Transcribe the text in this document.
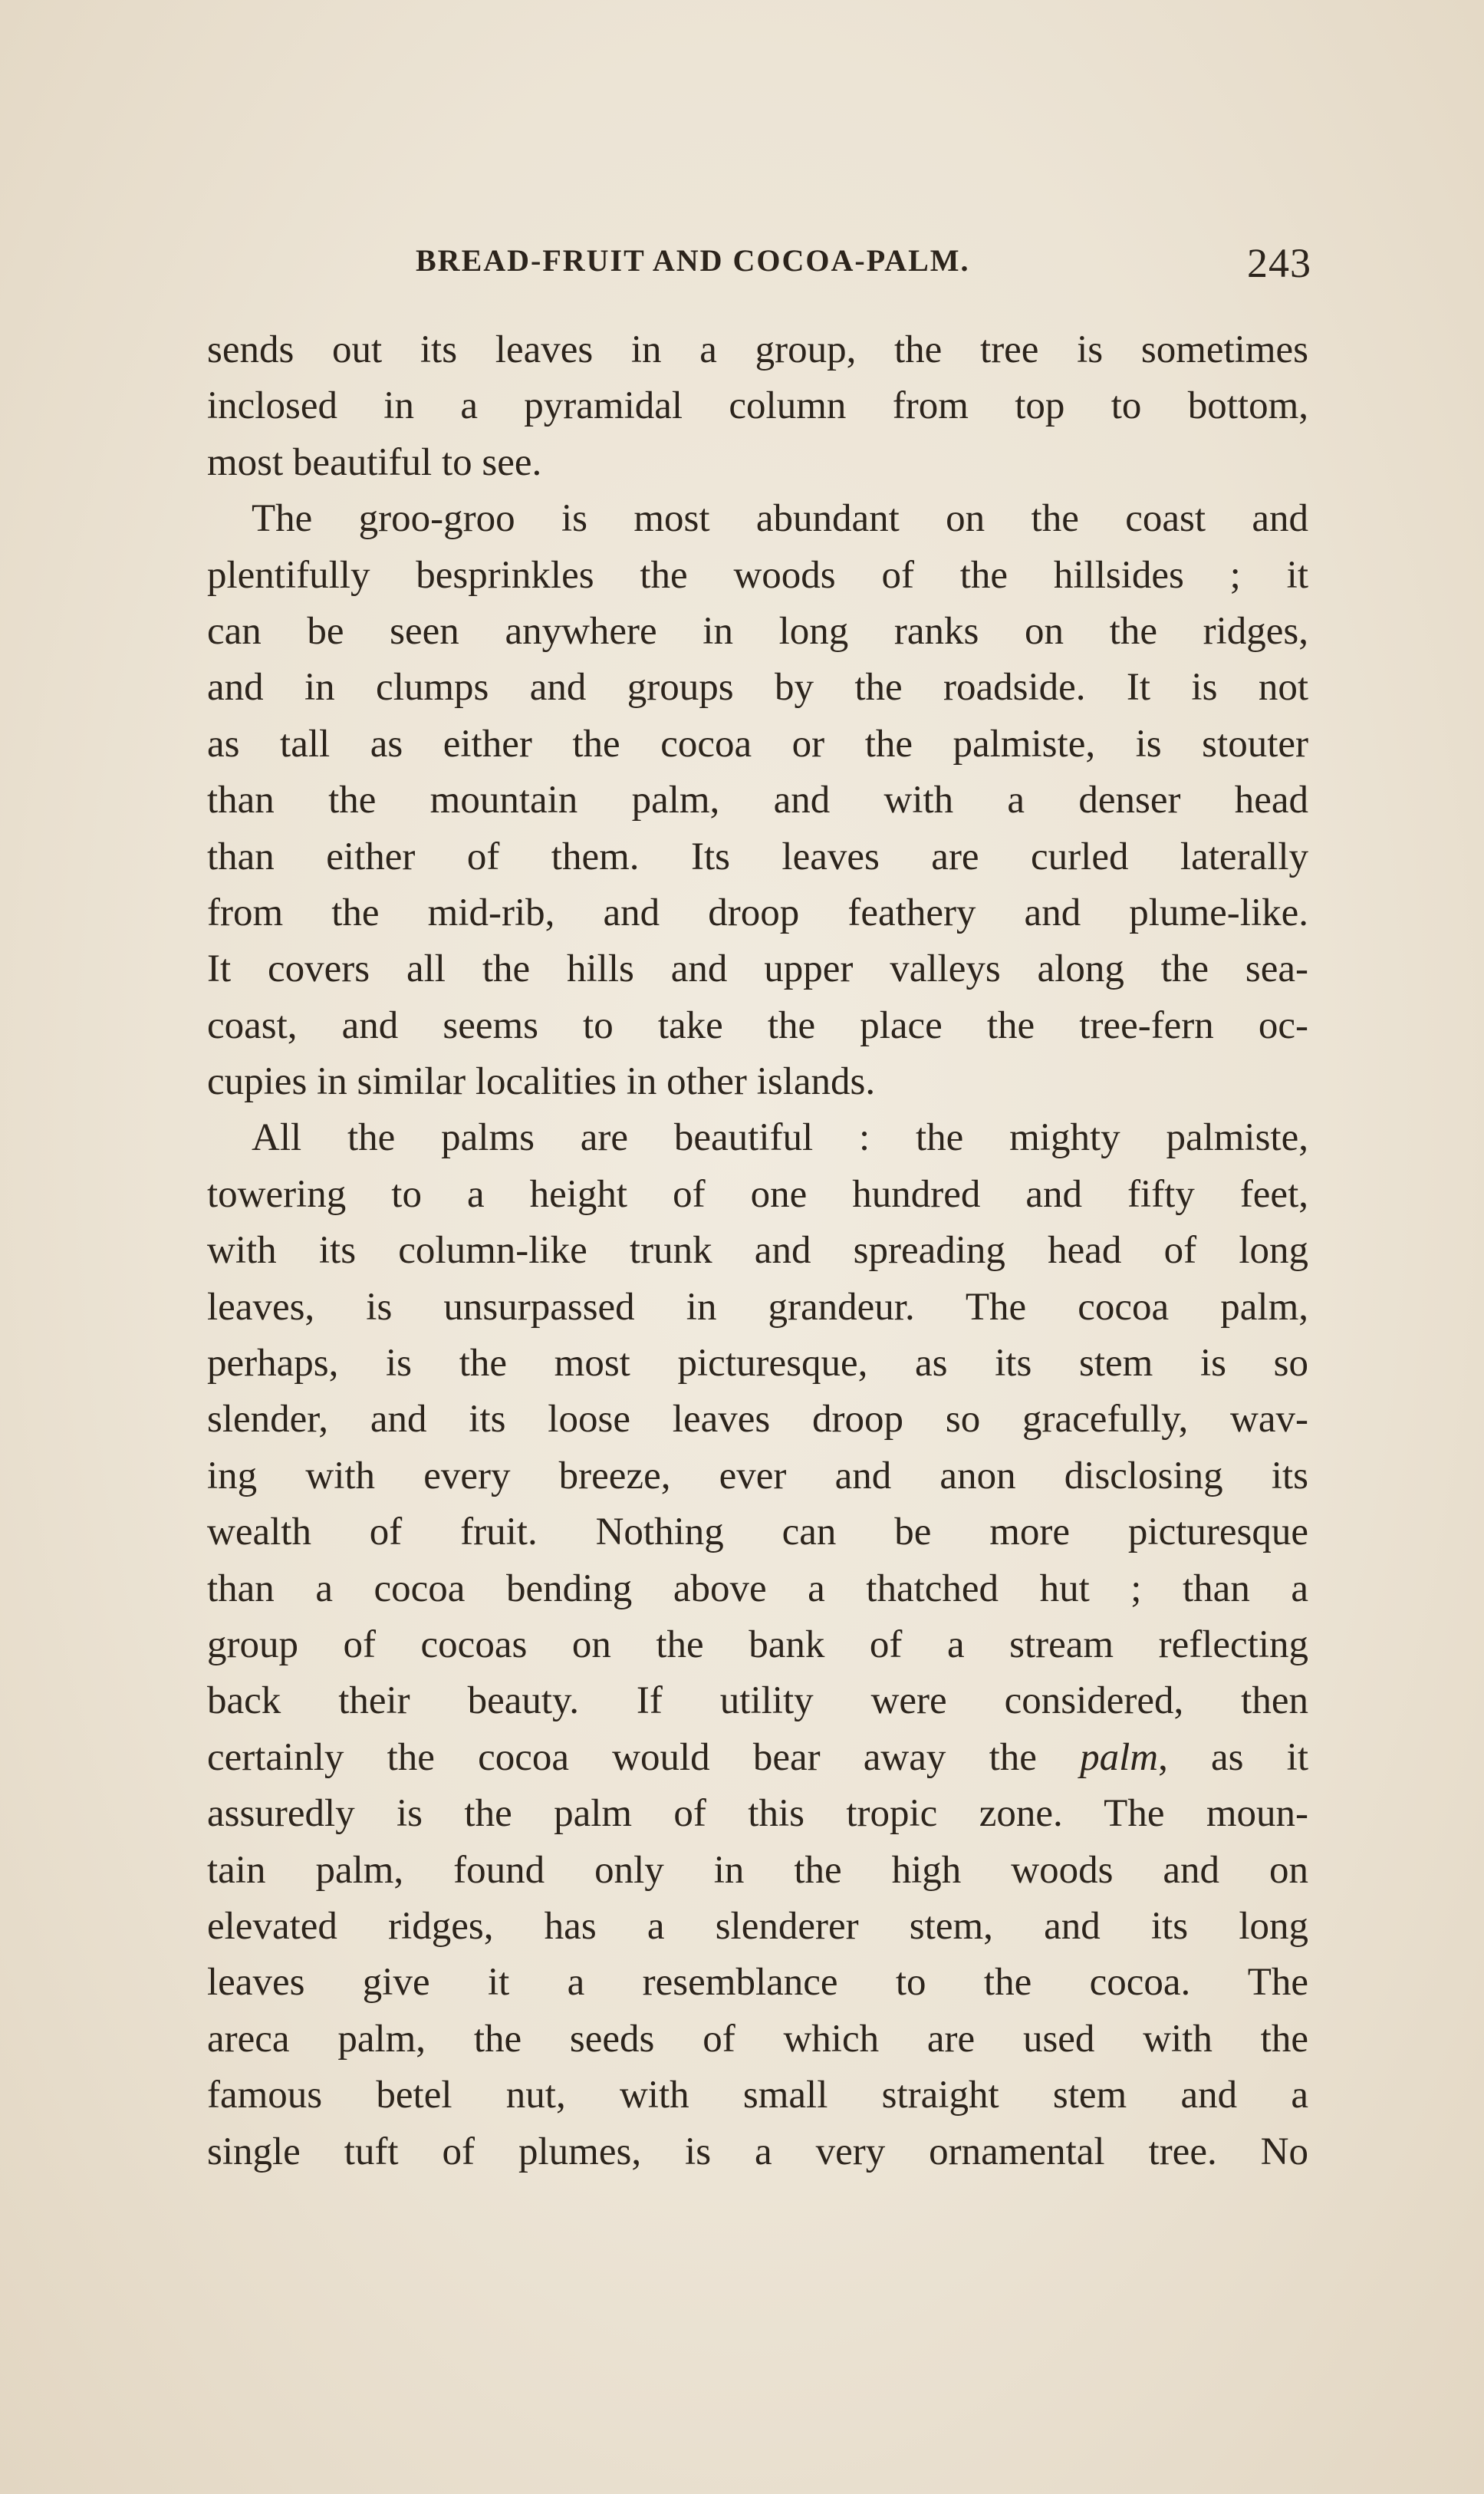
BREAD-FRUIT AND COCOA-PALM.	243
sends out its leaves in a group, the tree is sometimes
inclosed in a pyramidal column from top to bottom,
most beautiful to see.
The groo-groo is most abundant on the coast and
plentifully besprinkles the woods of the hillsides ; it
can be seen anywhere in long ranks on the ridges,
and in clumps and groups by the roadside. It is not
as tall as either the cocoa or the palmiste, is stouter
than the mountain palm, and with a denser head
than either of them. Its leaves are curled laterally
from the mid-rib, and droop feathery and plume-like.
It covers all the hills and upper valleys along the sea-
coast, and seems to take the place the tree-fern oc-
cupies in similar localities in other islands.
All the palms are beautiful : the mighty palmiste,
towering to a height of one hundred and fifty feet,
with its column-like trunk and spreading head of long
leaves, is unsurpassed in grandeur. The cocoa palm,
perhaps, is the most picturesque, as its stem is so
slender, and its loose leaves droop so gracefully, wav-
ing with every breeze, ever and anon disclosing its
wealth of fruit. Nothing can be more picturesque
than a cocoa bending above a thatched hut ; than a
group of cocoas on the bank of a stream reflecting
back their beauty. If utility were considered, then
certainly the cocoa would bear away the palm, as it
assuredly is the palm of this tropic zone. The moun-
tain palm, found only in the high woods and on
elevated ridges, has a slenderer stem, and its long
leaves give it a resemblance to the cocoa. The
areca palm, the seeds of which are used with the
famous betel nut, with small straight stem and a
single tuft of plumes, is a very ornamental tree. No
